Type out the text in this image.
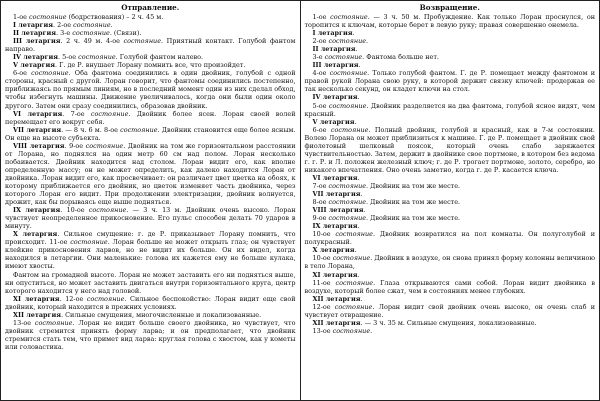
Отправление.

1-ое состояние (бодрствования) – 2 ч. 45 м.

I летаргия. 2-ое состояние.

II летаргия. 3-е состояние. (Связи).

III летаргия. 2 ч. 49 м. 4-ое состояние. Приятный контакт. Голубой фантом направо.

IV летаргия. 5-ое состояние. Голубой фантом налево.

V летаргия. Г. де Р. внушает Лорану помнить все, что произойдет.

6-ое состояние. Оба фантома соединились в один двойник, голубой с одной стороны, красный с другой. Лоран говорит, что фантомы соединились постепенно, приближаясь по прямым линиям, но в последний момент один из них сделал обход, чтобы избегнуть машины. Движение увеличивалось, когда они были один около другого. Затем они сразу соединились, образовав двойник.

VI летаргия. 7-ое состояние. Двойник более ясен. Лоран своей волей перемещает его вокруг себя.

VII летаргия. — 8 ч. 6 м. 8-ое состояние. Двойник становится еще более ясным. Он еще на высоте субъекта.

VIII летаргия. 9-ое состояние. Двойник на том же горизонтальном расстоянии от Лорана, но поднялся на один метр 60 см над полом. Лоран несколько побаивается. Двойник находится над столом. Лоран видит его, как вполне определенную массу; он не может определить, как далеко находится Лоран от двойника. Лоран видит его, как просвечивает: он различает цвет цветка на обоях, к которому приближается его двойник, но цветок изменяет часть двойника, через которого Лоран его видит. При продолжении электризации, двойник волнуется, дрожит, как бы порываясь еще выше подняться.

IX летаргия. 10-ое состояние. — 3 ч. 13 м. Двойник очень высоко. Лоран чувствует неопределенное прикосновение. Его пульс способен делать 70 ударов в минуту.

X летаргия. Сильное смущение: г. де Р. приказывает Лорану помнить, что происходит. 11-ое состояние. Лоран больше не может открыть глаз; он чувствует клейкие прикосновения ларвов, но не видит их больше. Он их видел, когда находился в летаргии. Они маленькие: голова их кажется ему не больше кулака, имеют хвосты.

Фантом на громадной высоте. Лоран не может заставить его ни подняться выше, ни опуститься, но может заставить двигаться внутри горизонтального круга, центр которого находится у него над головой.

XI летаргия. 12-ое состояние. Сильное беспокойство: Лоран видит еще свой двойник, который находится в прежних условиях.

XII летаргия. Сильные смущения, многочисленные и локализованные.

13-ое состояние. Лоран не видит больше своего двойника, но чувствует, что двойник стремится принять форму ларва; и он предполагает, что двойник стремится стать тем, что примет вид ларва: круглая голова с хвостом, как у кометы или головастика.

Возвращение.

1-ое состояние. — 3 ч. 50 м. Пробуждение. Как только Лоран проснулся, он торопится к ключам, которые берет в левую руку; правая совершенно онемела.

I летаргия.

2-ое состояние.

II летаргия.

3-е состояние. Фантома больше нет.

III летаргия.

4-ое состояние. Только голубой фантом. Г. де Р. помещает между фантомом и правой рукой Лорана свою руку, в которой держит связку ключей: продержав ее так несколько секунд, он кладет ключи на стол.

IV летаргия.

5-ое состояние. Двойник разделяется на два фантома, голубой ясное видят, чем красный.

V летаргия.

6-ое состояние. Полный двойник, голубой и красный, как в 7-м состоянии. Волею Лорана он может приблизиться к машине. Г. де Р. помещает в двойник свой фиолетовый шелковый поясок, который очень слабо заряжается чувствительностью. Затем, держит в двойнике свое портмоне, в котором без ведома г. г. Р. и Л. положен железный ключ; г. де Р. трогает портмоне, золото, серебро, но никакого впечатления. Оно очень заметно, когда г. де Р. касается ключа.

VI летаргия.

7-ое состояние. Двойник на том же месте.

VII летаргия.

8-ое состояние. Двойник на том же месте.

VIII летаргия.

9-ое состояние. Двойник на том же месте.

IX летаргия.

10-ое состояние. Двойник возвратился на пол комнаты. Он полуголубой и полукрасный.

X летаргия.

10-ое состояние. Двойник в воздухе, он снова принял форму колонны величиною в тело Лорана,

XI летаргия.

11-ое состояние. Глаза открываются сами собой. Лоран видит двойника в воздухе, который более сжат, чем в состояниях менее глубоких.

XII летаргия.

12-ое состояние. Лоран видит свой двойник очень высоко, он очень слаб и чувствует отвращение.

XII летаргия. — 3 ч. 35 м. Сильные смущения, локализованные.

13-ое состояние.
